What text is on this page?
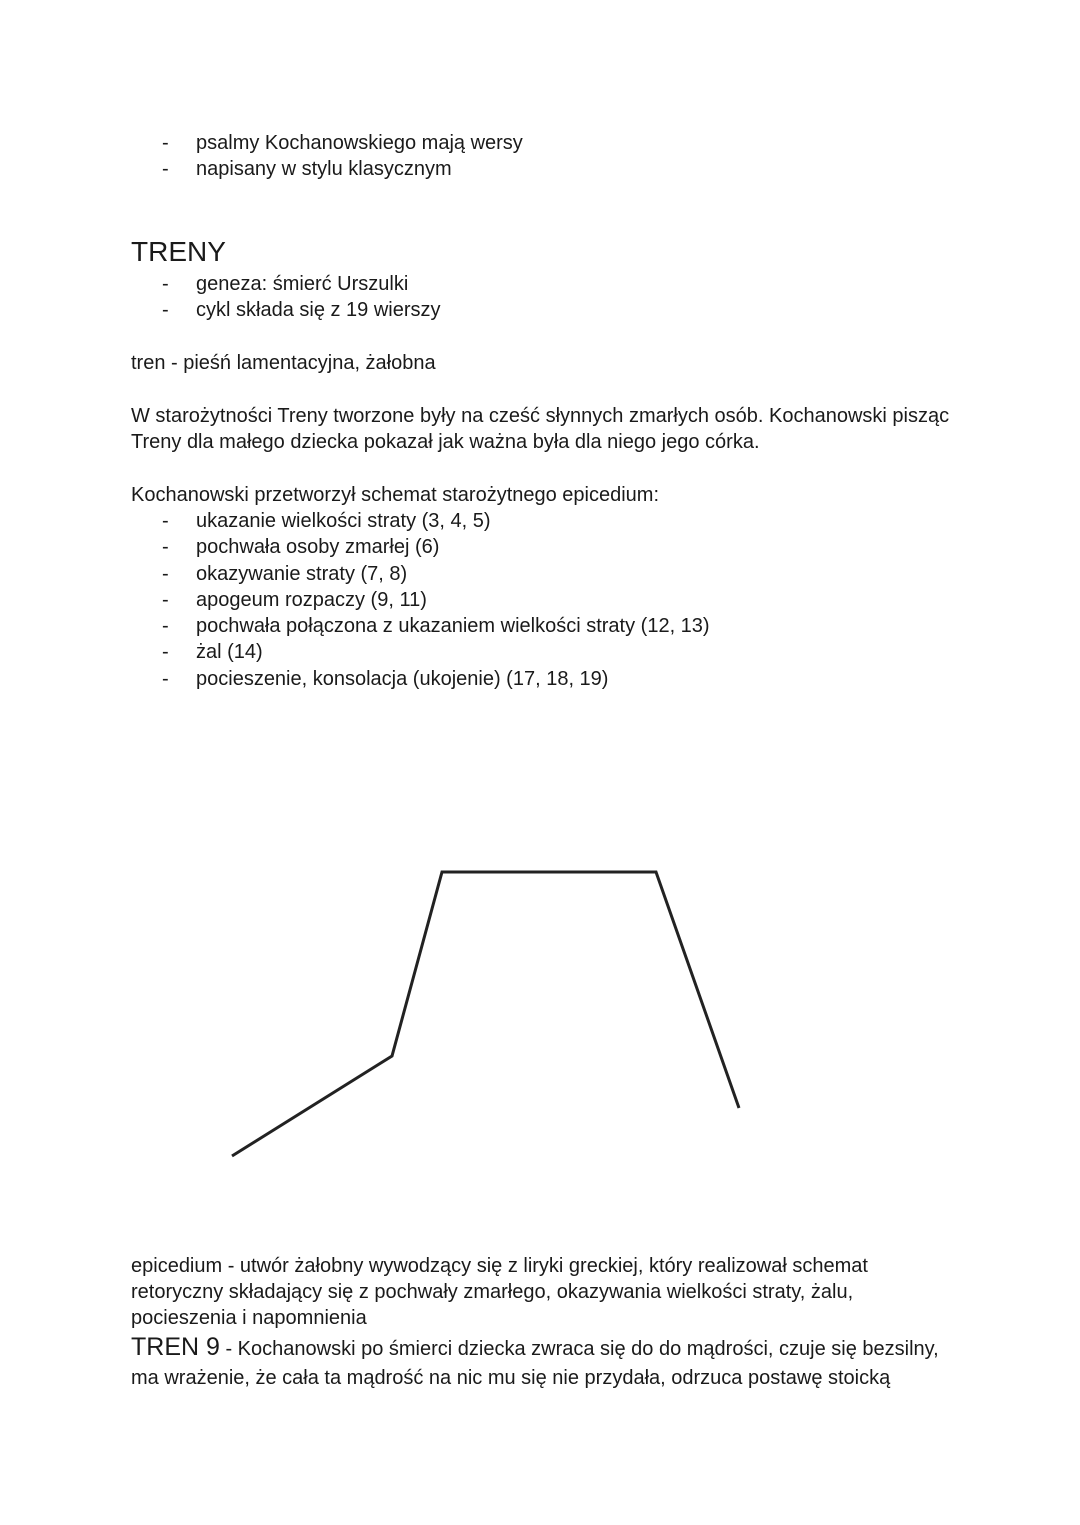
- psalmy Kochanowskiego mają wersy
- napisany w stylu klasycznym
TRENY
- geneza: śmierć Urszulki
- cykl składa się z 19 wierszy
tren - pieśń lamentacyjna, żałobna
W starożytności Treny tworzone były na cześć słynnych zmarłych osób. Kochanowski pisząc
Treny dla małego dziecka pokazał jak ważna była dla niego jego córka.
Kochanowski przetworzył schemat starożytnego epicedium:
- ukazanie wielkości straty (3, 4, 5)
- pochwała osoby zmarłej (6)
- okazywanie straty (7, 8)
- apogeum rozpaczy (9, 11)
- pochwała połączona z ukazaniem wielkości straty (12, 13)
- żal (14)
- pocieszenie, konsolacja (ukojenie) (17, 18, 19)
epicedium - utwór żałobny wywodzący się z liryki greckiej, który realizował schemat
retoryczny składający się z pochwały zmarłego, okazywania wielkości straty, żalu,
pocieszenia i napomnienia
TREN 9 - Kochanowski po śmierci dziecka zwraca się do do mądrości, czuje się bezsilny,
ma wrażenie, że cała ta mądrość na nic mu się nie przydała, odrzuca postawę stoicką
